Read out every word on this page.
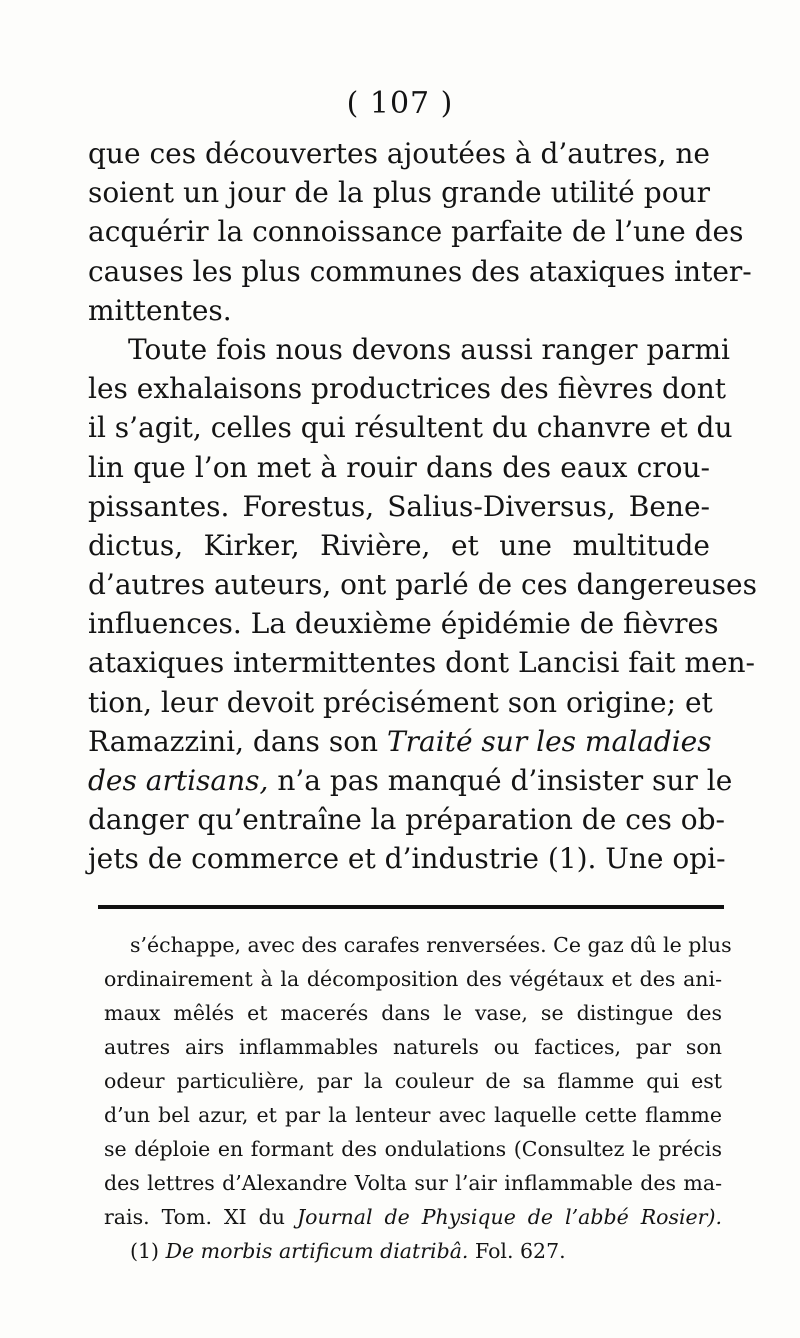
( 107 )
que ces découvertes ajoutées à d’autres, ne
soient un jour de la plus grande utilité pour
acquérir la connoissance parfaite de l’une des
causes les plus communes des ataxiques inter-
mittentes.
Toute fois nous devons aussi ranger parmi
les exhalaisons productrices des fièvres dont
il s’agit, celles qui résultent du chanvre et du
lin que l’on met à rouir dans des eaux crou-
pissantes. Forestus, Salius-Diversus, Bene-
dictus, Kirker, Rivière, et une multitude
d’autres auteurs, ont parlé de ces dangereuses
influences. La deuxième épidémie de fièvres
ataxiques intermittentes dont Lancisi fait men-
tion, leur devoit précisément son origine; et
Ramazzini, dans son Traité sur les maladies
des artisans, n’a pas manqué d’insister sur le
danger qu’entraîne la préparation de ces ob-
jets de commerce et d’industrie (1). Une opi-
s’échappe, avec des carafes renversées. Ce gaz dû le plus
ordinairement à la décomposition des végétaux et des ani-
maux mêlés et macerés dans le vase, se distingue des
autres airs inflammables naturels ou factices, par son
odeur particulière, par la couleur de sa flamme qui est
d’un bel azur, et par la lenteur avec laquelle cette flamme
se déploie en formant des ondulations (Consultez le précis
des lettres d’Alexandre Volta sur l’air inflammable des ma-
rais. Tom. XI du Journal de Physique de l’abbé Rosier).
(1) De morbis artificum diatribâ. Fol. 627.
